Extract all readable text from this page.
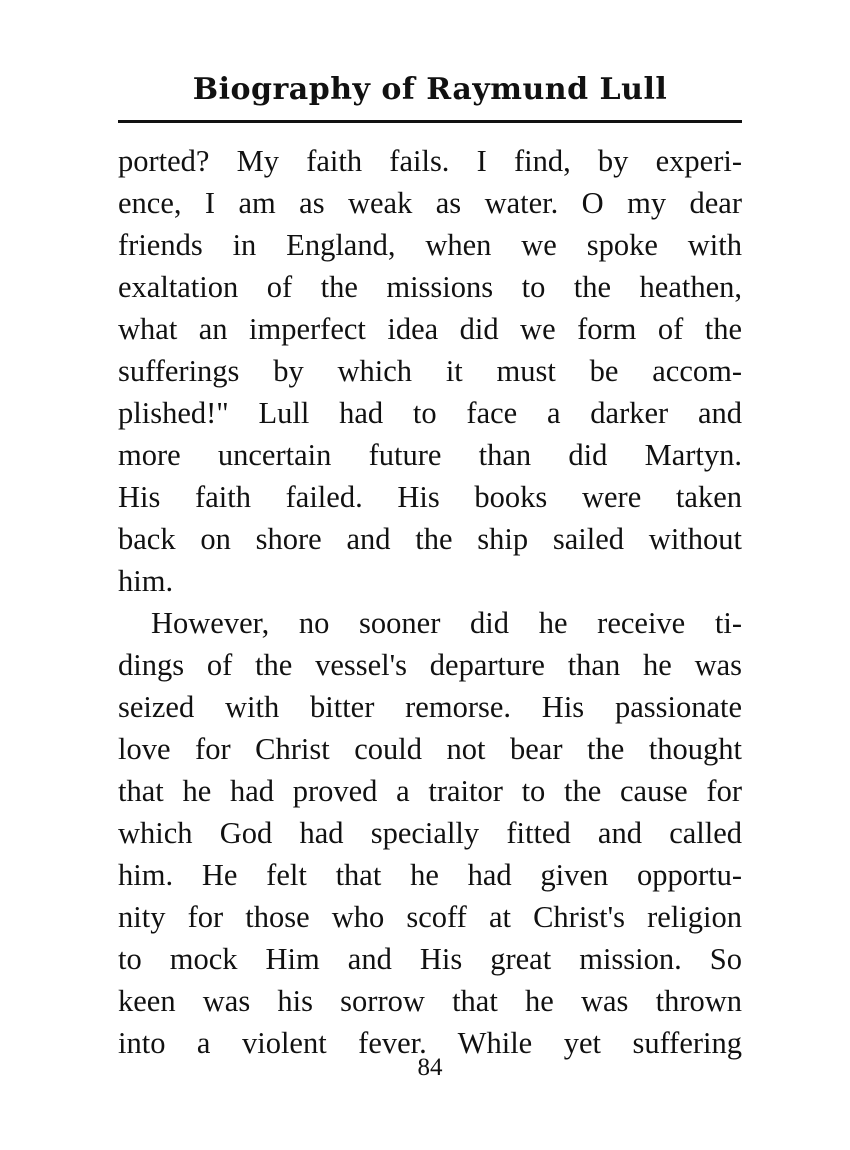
Biography of Raymund Lull
ported? My faith fails. I find, by experi-
ence, I am as weak as water. O my dear
friends in England, when we spoke with
exaltation of the missions to the heathen,
what an imperfect idea did we form of the
sufferings by which it must be accom-
plished!" Lull had to face a darker and
more uncertain future than did Martyn.
His faith failed. His books were taken
back on shore and the ship sailed without
him.
However, no sooner did he receive ti-
dings of the vessel's departure than he was
seized with bitter remorse. His passionate
love for Christ could not bear the thought
that he had proved a traitor to the cause for
which God had specially fitted and called
him. He felt that he had given opportu-
nity for those who scoff at Christ's religion
to mock Him and His great mission. So
keen was his sorrow that he was thrown
into a violent fever. While yet suffering
84
